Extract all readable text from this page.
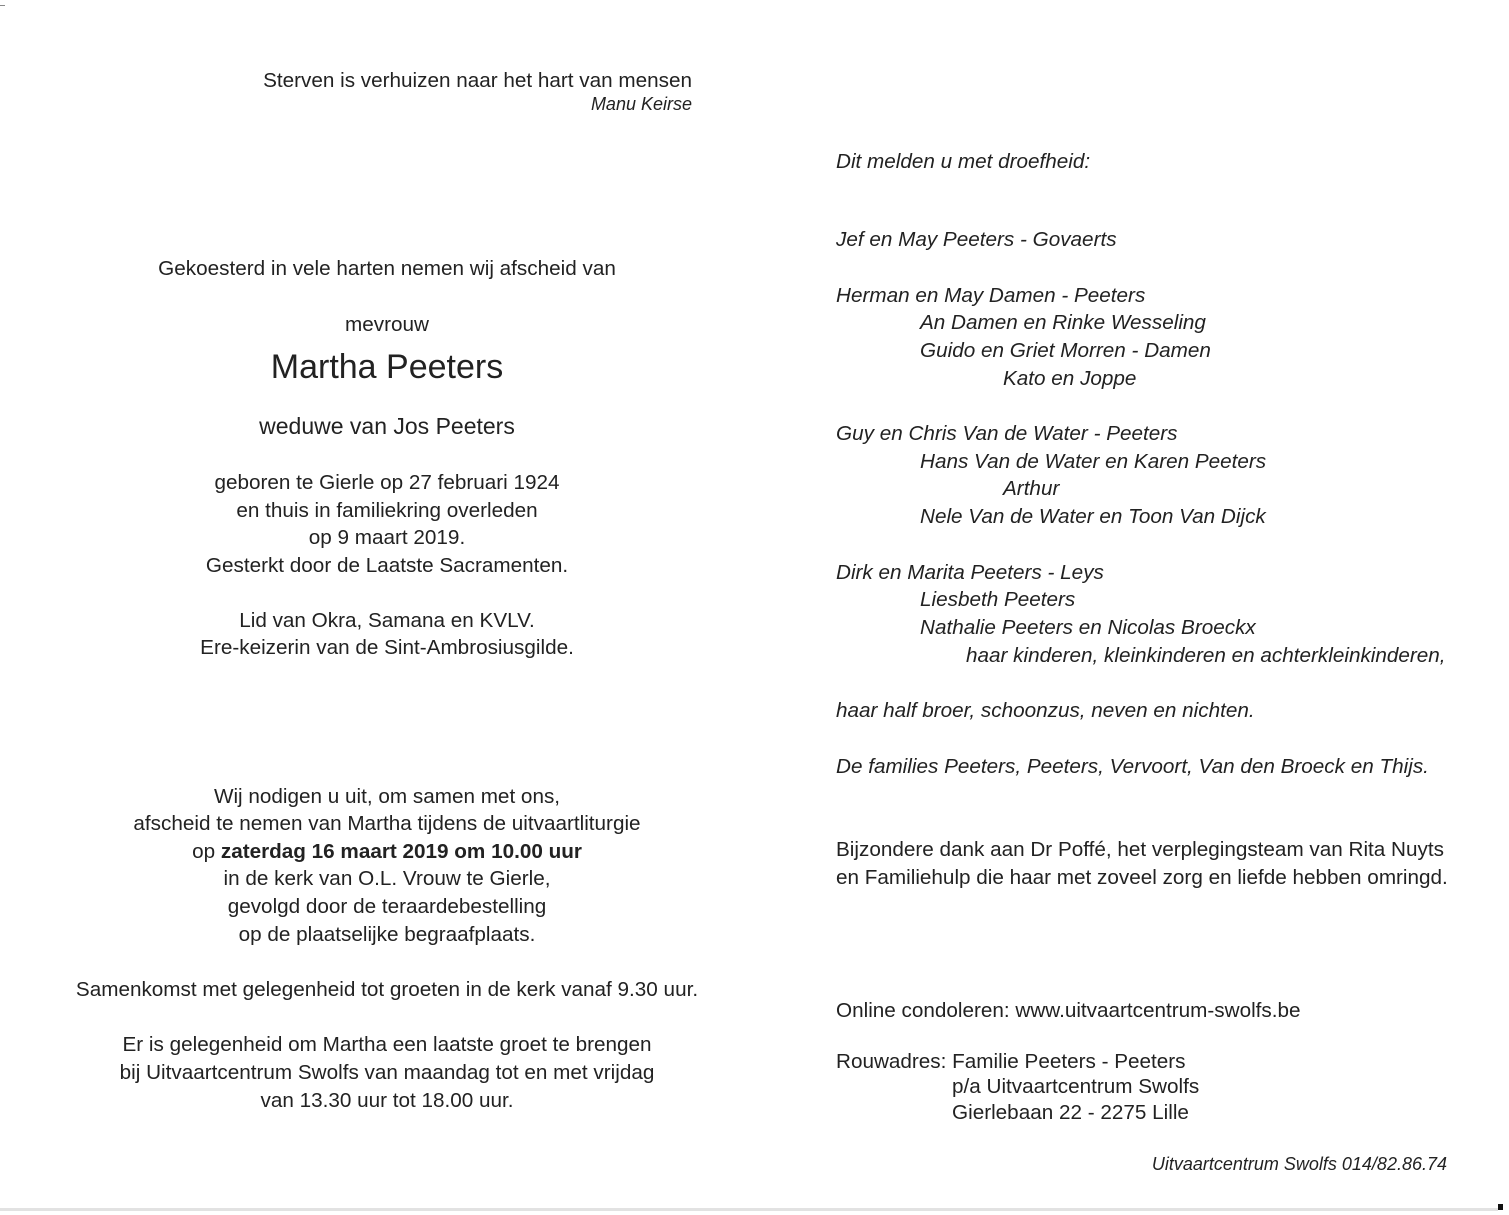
Sterven is verhuizen naar het hart van mensen
Manu Keirse
Gekoesterd in vele harten nemen wij afscheid van
mevrouw
Martha Peeters
weduwe van Jos Peeters
geboren te Gierle op 27 februari 1924
en thuis in familiekring overleden
op 9 maart 2019.
Gesterkt door de Laatste Sacramenten.
Lid van Okra, Samana en KVLV.
Ere-keizerin van de Sint-Ambrosiusgilde.
Wij nodigen u uit, om samen met ons,
afscheid te nemen van Martha tijdens de uitvaartliturgie
op zaterdag 16 maart 2019 om 10.00 uur
in de kerk van O.L. Vrouw te Gierle,
gevolgd door de teraardebestelling
op de plaatselijke begraafplaats.
Samenkomst met gelegenheid tot groeten in de kerk vanaf 9.30 uur.
Er is gelegenheid om Martha een laatste groet te brengen
bij Uitvaartcentrum Swolfs van maandag tot en met vrijdag
van 13.30 uur tot 18.00 uur.
Dit melden u met droefheid:
Jef en May Peeters - Govaerts
Herman en May Damen - Peeters
An Damen en Rinke Wesseling
Guido en Griet Morren - Damen
Kato en Joppe
Guy en Chris Van de Water - Peeters
Hans Van de Water en Karen Peeters
Arthur
Nele Van de Water en Toon Van Dijck
Dirk en Marita Peeters - Leys
Liesbeth Peeters
Nathalie Peeters en Nicolas Broeckx
haar kinderen, kleinkinderen en achterkleinkinderen,
haar half broer, schoonzus, neven en nichten.
De families Peeters, Peeters, Vervoort, Van den Broeck en Thijs.
Bijzondere dank aan Dr Poffé, het verplegingsteam van Rita Nuyts
en Familiehulp die haar met zoveel zorg en liefde hebben omringd.
Online condoleren: www.uitvaartcentrum-swolfs.be
Rouwadres: Familie Peeters - Peeters
p/a Uitvaartcentrum Swolfs
Gierlebaan 22 - 2275 Lille
Uitvaartcentrum Swolfs 014/82.86.74
